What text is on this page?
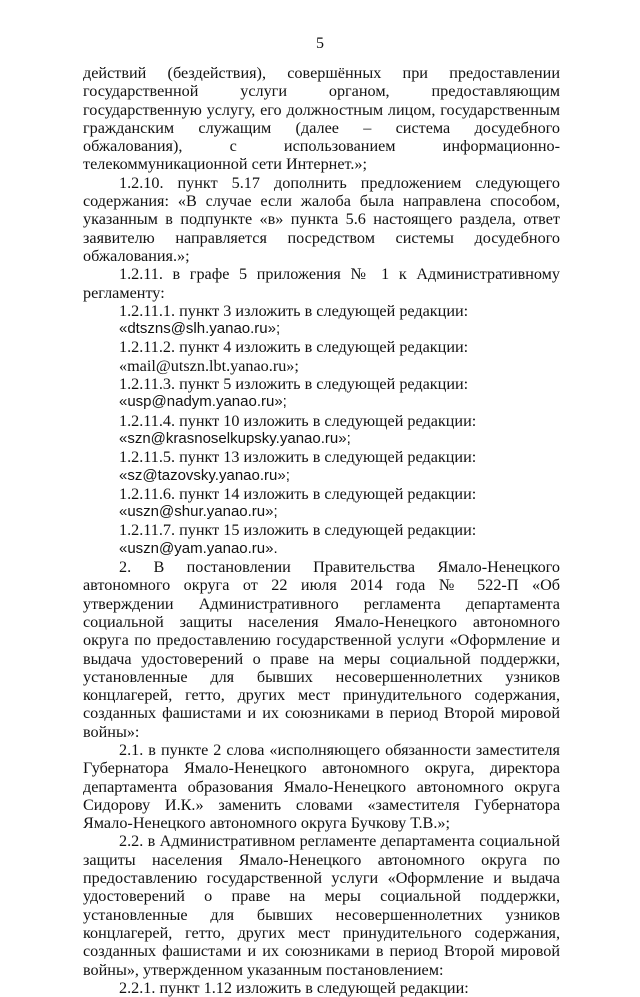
5

действий (бездействия), совершённых при предоставлении государственной услуги органом, предоставляющим государственную услугу, его должностным лицом, государственным гражданским служащим (далее – система досудебного обжалования), с использованием информационно-телекоммуникационной сети Интернет.»;

1.2.10. пункт 5.17 дополнить предложением следующего содержания: «В случае если жалоба была направлена способом, указанным в подпункте «в» пункта 5.6 настоящего раздела, ответ заявителю направляется посредством системы досудебного обжалования.»;

1.2.11. в графе 5 приложения № 1 к Административному регламенту:

1.2.11.1. пункт 3 изложить в следующей редакции:

«dtszns@slh.yanao.ru»;

1.2.11.2. пункт 4 изложить в следующей редакции:

«mail@utszn.lbt.yanao.ru»;

1.2.11.3. пункт 5 изложить в следующей редакции:

«usp@nadym.yanao.ru»;

1.2.11.4. пункт 10 изложить в следующей редакции:

«szn@krasnoselkupsky.yanao.ru»;

1.2.11.5. пункт 13 изложить в следующей редакции:

«sz@tazovsky.yanao.ru»;

1.2.11.6. пункт 14 изложить в следующей редакции:

«uszn@shur.yanao.ru»;

1.2.11.7. пункт 15 изложить в следующей редакции:

«uszn@yam.yanao.ru».

2. В постановлении Правительства Ямало-Ненецкого автономного округа от 22 июля 2014 года № 522-П «Об утверждении Административного регламента департамента социальной защиты населения Ямало-Ненецкого автономного округа по предоставлению государственной услуги «Оформление и выдача удостоверений о праве на меры социальной поддержки, установленные для бывших несовершеннолетних узников концлагерей, гетто, других мест принудительного содержания, созданных фашистами и их союзниками в период Второй мировой войны»:

2.1. в пункте 2 слова «исполняющего обязанности заместителя Губернатора Ямало-Ненецкого автономного округа, директора департамента образования Ямало-Ненецкого автономного округа Сидорову И.К.» заменить словами «заместителя Губернатора Ямало-Ненецкого автономного округа Бучкову Т.В.»;

2.2. в Административном регламенте департамента социальной защиты населения Ямало-Ненецкого автономного округа по предоставлению государственной услуги «Оформление и выдача удостоверений о праве на меры социальной поддержки, установленные для бывших несовершеннолетних узников концлагерей, гетто, других мест принудительного содержания, созданных фашистами и их союзниками в период Второй мировой войны», утвержденном указанным постановлением:

2.2.1. пункт 1.12 изложить в следующей редакции:
